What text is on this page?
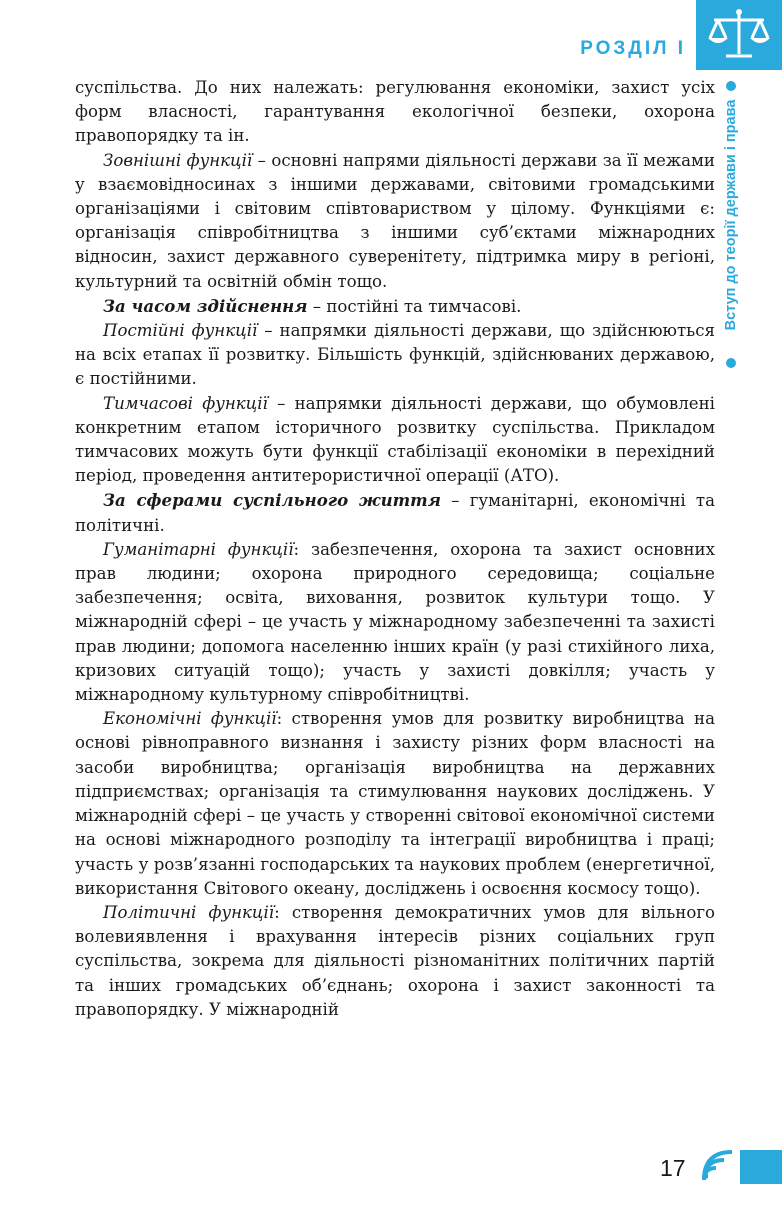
РОЗДІЛ І
Вступ до теорії держави і права

суспільства. До них належать: регулювання економіки, захист усіх форм власності, гарантування екологічної безпеки, охорона правопорядку та ін.

Зовнішні функції – основні напрями діяльності держави за її межами у взаємовідносинах з іншими державами, світовими громадськими організаціями і світовим співтовариством у цілому. Функціями є: організація співробітництва з іншими суб’єктами міжнародних відносин, захист державного суверенітету, підтримка миру в регіоні, культурний та освітній обмін тощо.

За часом здійснення – постійні та тимчасові.

Постійні функції – напрямки діяльності держави, що здійснюються на всіх етапах її розвитку. Більшість функцій, здійснюваних державою, є постійними.

Тимчасові функції – напрямки діяльності держави, що обумовлені конкретним етапом історичного розвитку суспільства. Прикладом тимчасових можуть бути функції стабілізації економіки в перехідний період, проведення антитерористичної операції (АТО).

За сферами суспільного життя – гуманітарні, економічні та політичні.

Гуманітарні функції: забезпечення, охорона та захист основних прав людини; охорона природного середовища; соціальне забезпечення; освіта, виховання, розвиток культури тощо. У міжнародній сфері – це участь у міжнародному забезпеченні та захисті прав людини; допомога населенню інших країн (у разі стихійного лиха, кризових ситуацій тощо); участь у захисті довкілля; участь у міжнародному культурному співробітництві.

Економічні функції: створення умов для розвитку виробництва на основі рівноправного визнання і захисту різних форм власності на засоби виробництва; організація виробництва на державних підприємствах; організація та стимулювання наукових досліджень. У міжнародній сфері – це участь у створенні світової економічної системи на основі міжнародного розподілу та інтеграції виробництва і праці; участь у розв’язанні господарських та наукових проблем (енергетичної, використання Світового океану, досліджень і освоєння космосу тощо).

Політичні функції: створення демократичних умов для вільного волевиявлення і врахування інтересів різних соціальних груп суспільства, зокрема для діяльності різноманітних політичних партій та інших громадських об’єднань; охорона і захист законності та правопорядку. У міжнародній

17
